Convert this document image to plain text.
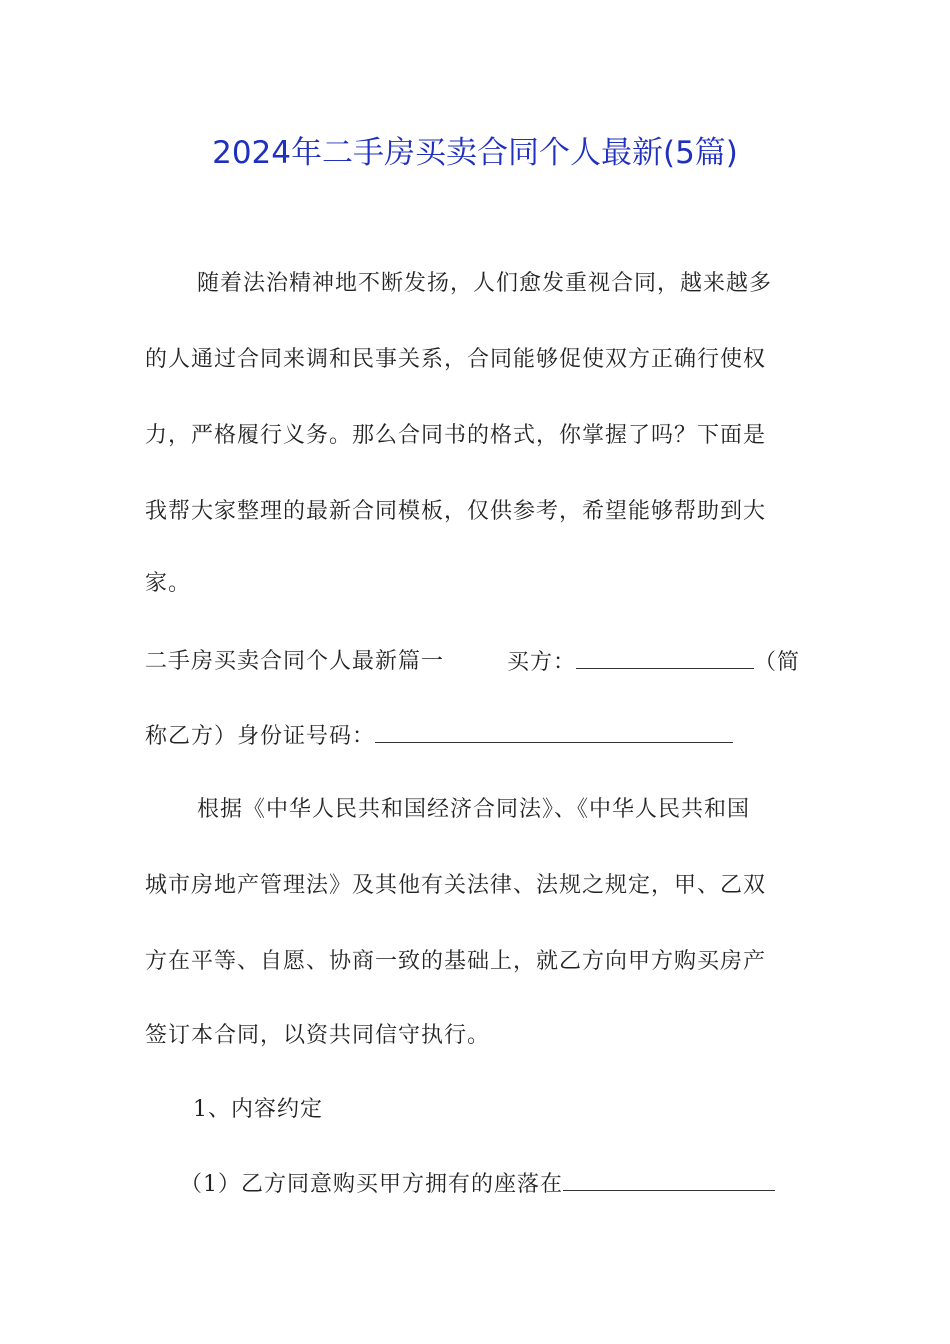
2024年二手房买卖合同个人最新(5篇)
随着法治精神地不断发扬，人们愈发重视合同，越来越多
的人通过合同来调和民事关系，合同能够促使双方正确行使权
力，严格履行义务。那么合同书的格式，你掌握了吗？下面是
我帮大家整理的最新合同模板，仅供参考，希望能够帮助到大
家。
二手房买卖合同个人最新篇一	买方：	（简
称乙方）身份证号码：
根据《中华人民共和国经济合同法》、《中华人民共和国
城市房地产管理法》及其他有关法律、法规之规定，甲、乙双
方在平等、自愿、协商一致的基础上，就乙方向甲方购买房产
签订本合同，以资共同信守执行。
1、内容约定
（1）乙方同意购买甲方拥有的座落在
